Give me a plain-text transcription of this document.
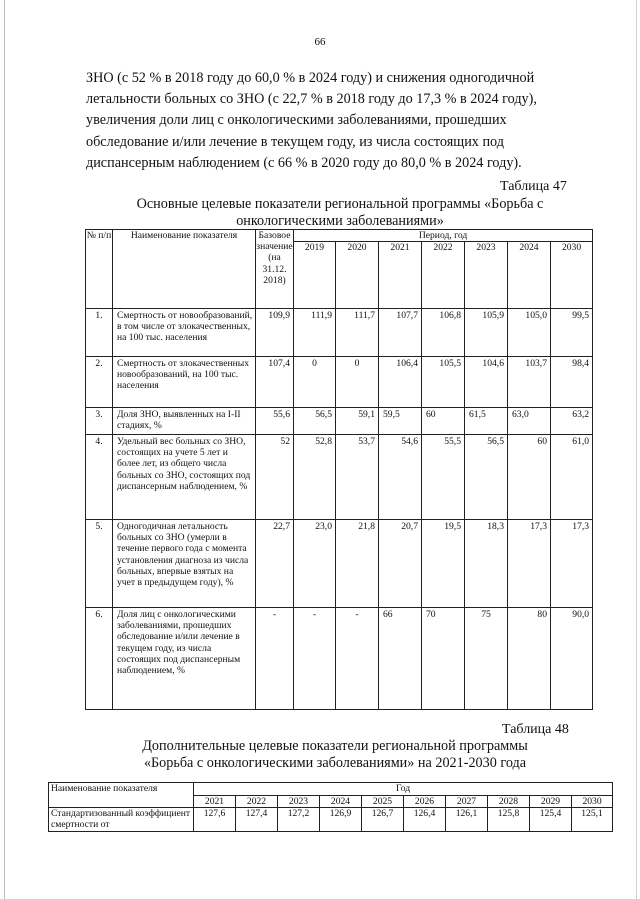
66
ЗНО (с 52 % в 2018 году до 60,0 % в 2024 году) и снижения одногодичной
летальности больных со ЗНО (с 22,7 % в 2018 году до 17,3 % в 2024 году),
увеличения доли лиц с онкологическими заболеваниями, прошедших
обследование и/или лечение в текущем году, из числа состоящих под
диспансерным наблюдением (с 66 % в 2020 году до 80,0 % в 2024 году).
Таблица 47
Основные целевые показатели региональной программы «Борьба с
онкологическими заболеваниями»
№ п/п	Наименование показателя	Базовое значение (на 31.12. 2018)	Период, год						
			2019	2020	2021	2022	2023	2024	2030
1.	Смертность от новообразований, в том числе от злокачественных, на 100 тыс. населения	109,9	111,9	111,7	107,7	106,8	105,9	105,0	99,5
2.	Смертность от злокачественных новообразований, на 100 тыс. населения	107,4	0	0	106,4	105,5	104,6	103,7	98,4
3.	Доля ЗНО, выявленных на I-II стадиях, %	55,6	56,5	59,1	59,5	60	61,5	63,0	63,2
4.	Удельный вес больных со ЗНО, состоящих на учете 5 лет и более лет, из общего числа больных со ЗНО, состоящих под диспансерным наблюдением, %	52	52,8	53,7	54,6	55,5	56,5	60	61,0
5.	Одногодичная летальность больных со ЗНО (умерли в течение первого года с момента установления диагноза из числа больных, впервые взятых на учет в предыдущем году), %	22,7	23,0	21,8	20,7	19,5	18,3	17,3	17,3
6.	Доля лиц с онкологическими заболеваниями, прошедших обследование и/или лечение в текущем году, из числа состоящих под диспансерным наблюдением, %	-	-	-	66	70	75	80	90,0
Таблица 48
Дополнительные целевые показатели региональной программы
«Борьба с онкологическими заболеваниями» на 2021-2030 года
Наименование показателя	Год									
	2021	2022	2023	2024	2025	2026	2027	2028	2029	2030
Стандартизованный коэффициент смертности от	127,6	127,4	127,2	126,9	126,7	126,4	126,1	125,8	125,4	125,1
